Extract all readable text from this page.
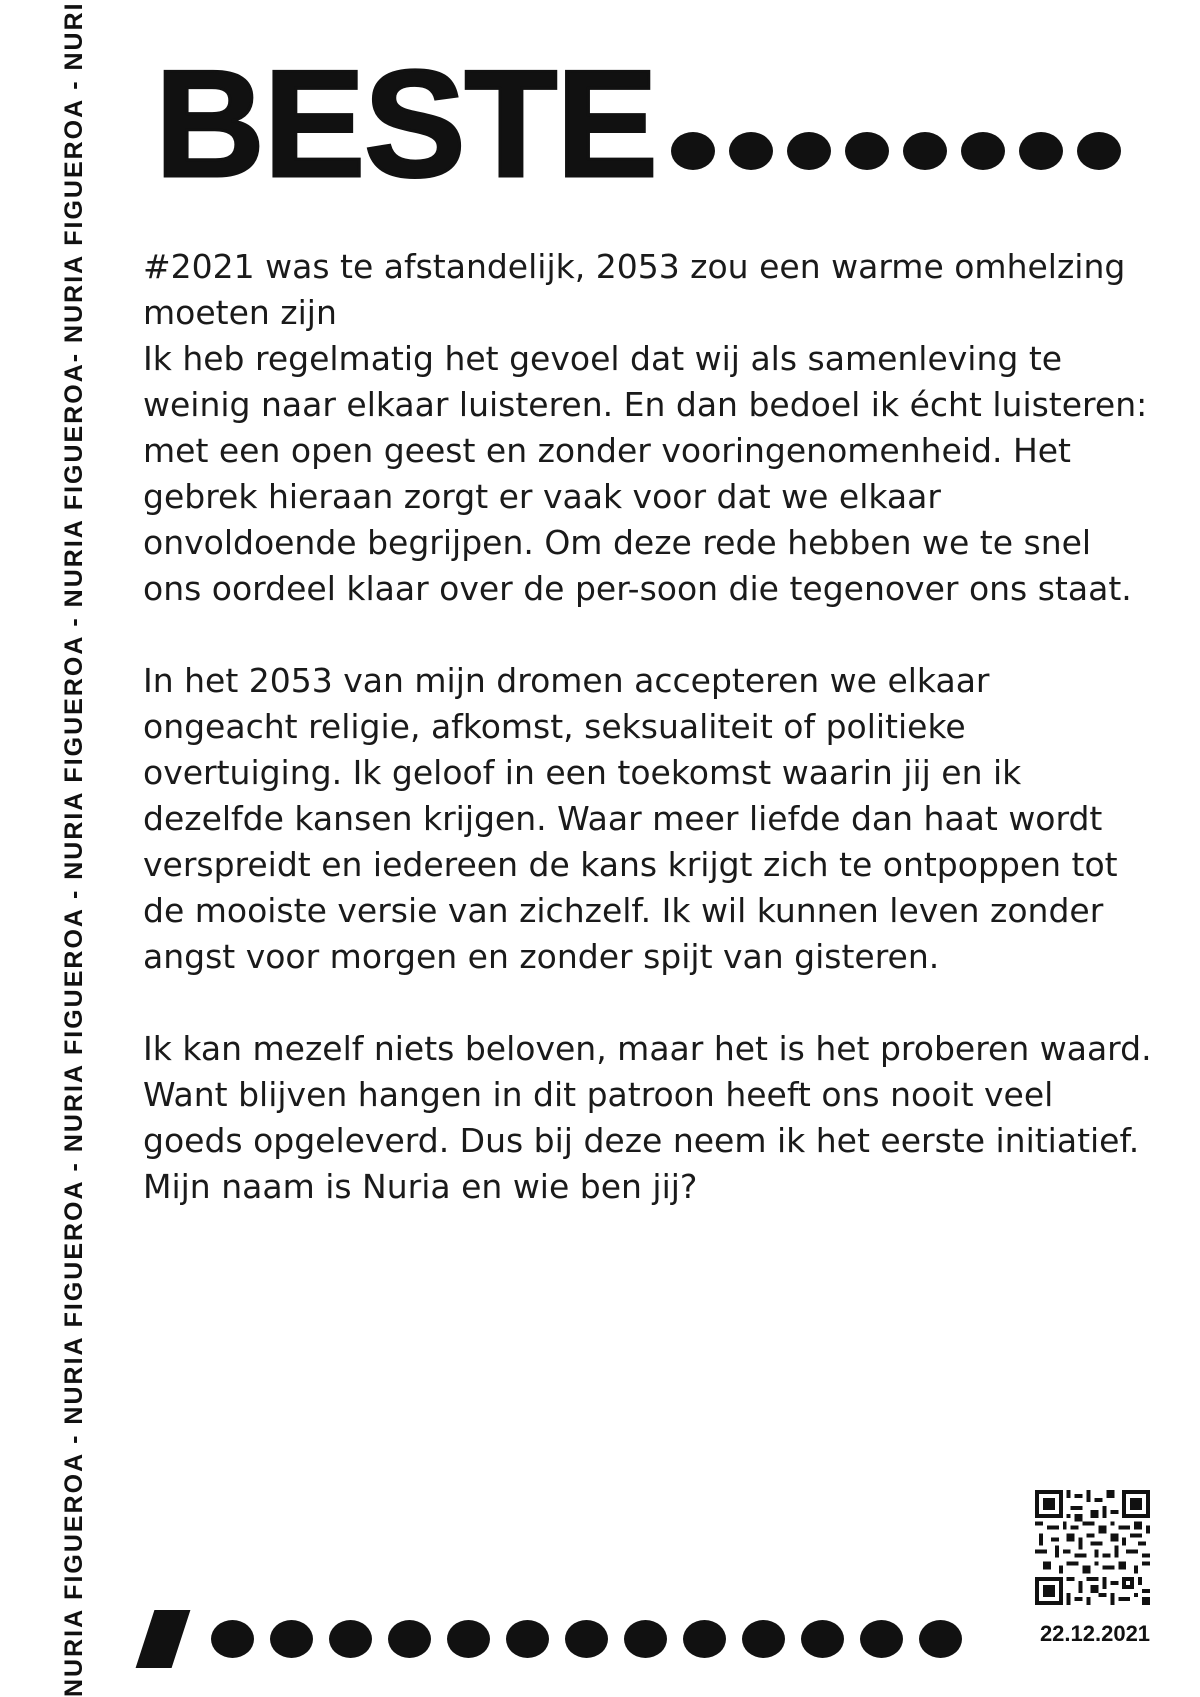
NURIA FIGUEROA - NURIA FIGUEROA - NURIA FIGUEROA - NURIA FIGUEROA - NURIA FIGUEROA- NURIA FIGUEROA - NURI BESTE

#2021 was te afstandelijk, 2053 zou een warme omhelzing moeten zijn

Ik heb regelmatig het gevoel dat wij als samenleving te weinig naar elkaar luisteren. En dan bedoel ik écht luisteren: met een open geest en zonder vooringenomenheid. Het gebrek hieraan zorgt er vaak voor dat we elkaar onvoldoende begrijpen. Om deze rede hebben we te snel ons oordeel klaar over de per-soon die tegenover ons staat.

In het 2053 van mijn dromen accepteren we elkaar ongeacht religie, afkomst, seksualiteit of politieke overtuiging. Ik geloof in een toekomst waarin jij en ik dezelfde kansen krijgen. Waar meer liefde dan haat wordt verspreidt en iedereen de kans krijgt zich te ontpoppen tot de mooiste versie van zichzelf. Ik wil kunnen leven zonder angst voor morgen en zonder spijt van gisteren.

Ik kan mezelf niets beloven, maar het is het proberen waard. Want blijven hangen in dit patroon heeft ons nooit veel goeds opgeleverd. Dus bij deze neem ik het eerste initiatief.

Mijn naam is Nuria en wie ben jij?

22.12.2021
